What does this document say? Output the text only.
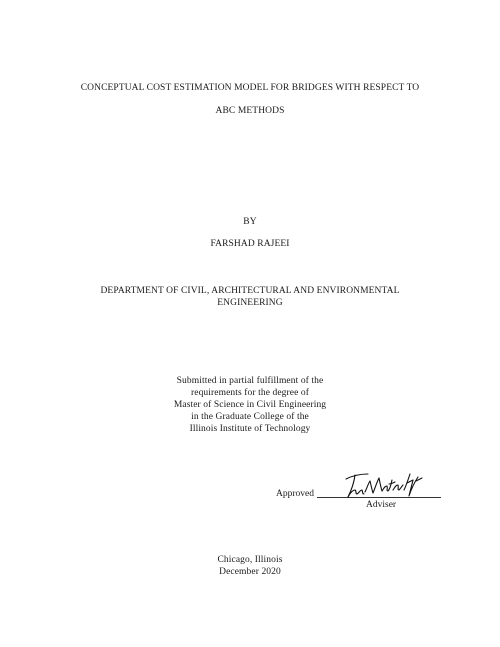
CONCEPTUAL COST ESTIMATION MODEL FOR BRIDGES WITH RESPECT TO
ABC METHODS
BY
FARSHAD RAJEEI
DEPARTMENT OF CIVIL, ARCHITECTURAL AND ENVIRONMENTAL
ENGINEERING
Submitted in partial fulfillment of the
requirements for the degree of
Master of Science in Civil Engineering
in the Graduate College of the
Illinois Institute of Technology
Approved
Adviser
Chicago, Illinois
December 2020
